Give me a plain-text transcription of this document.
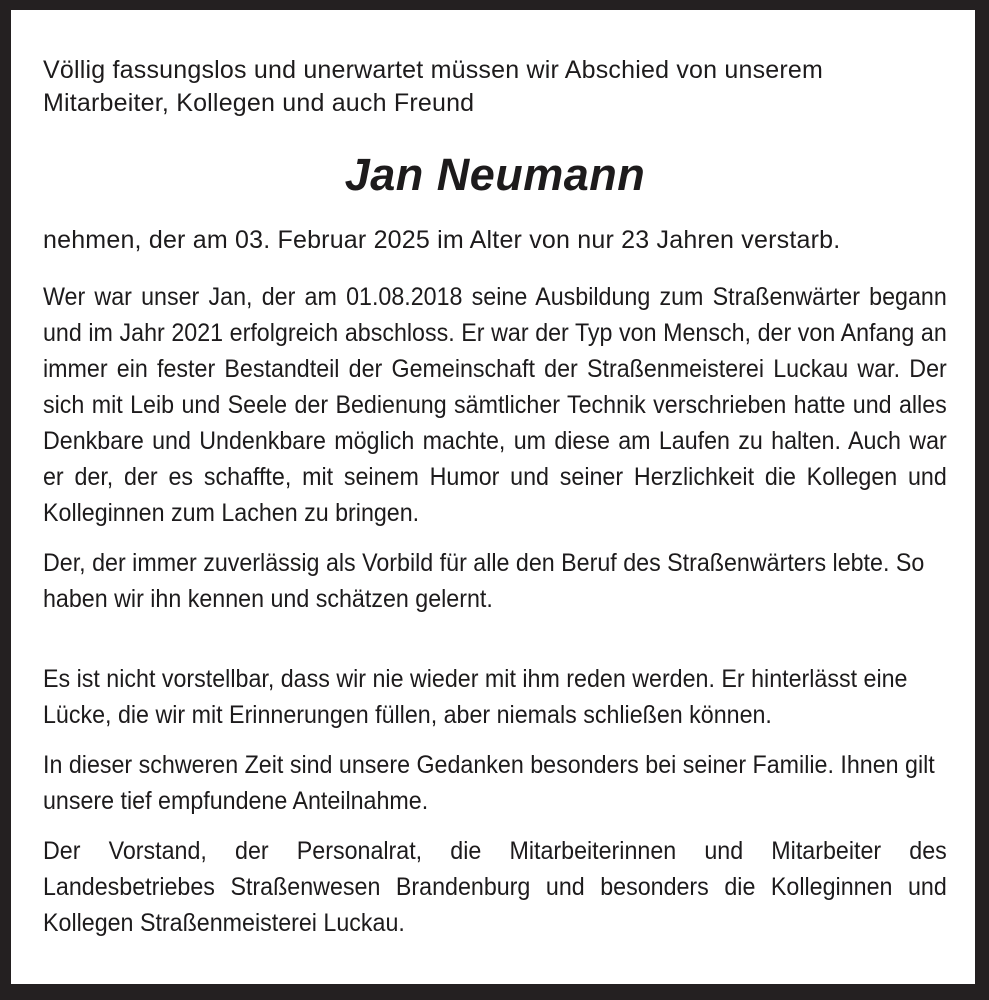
Völlig fassungslos und unerwartet müssen wir Abschied von unserem Mitarbeiter, Kollegen und auch Freund

Jan Neumann

nehmen, der am 03. Februar 2025 im Alter von nur 23 Jahren verstarb.

Wer war unser Jan, der am 01.08.2018 seine Ausbildung zum Straßenwärter begann und im Jahr 2021 erfolgreich abschloss. Er war der Typ von Mensch, der von Anfang an immer ein fester Bestandteil der Gemeinschaft der Straßenmeisterei Luckau war. Der sich mit Leib und Seele der Bedienung sämtlicher Technik verschrieben hatte und alles Denkbare und Undenkbare möglich machte, um diese am Laufen zu halten. Auch war er der, der es schaffte, mit seinem Humor und seiner Herzlichkeit die Kollegen und Kolleginnen zum Lachen zu bringen.

Der, der immer zuverlässig als Vorbild für alle den Beruf des Straßenwärters lebte. So haben wir ihn kennen und schätzen gelernt.

Es ist nicht vorstellbar, dass wir nie wieder mit ihm reden werden. Er hinterlässt eine Lücke, die wir mit Erinnerungen füllen, aber niemals schließen können.

In dieser schweren Zeit sind unsere Gedanken besonders bei seiner Familie. Ihnen gilt unsere tief empfundene Anteilnahme.

Der Vorstand, der Personalrat, die Mitarbeiterinnen und Mitarbeiter des Landesbetriebes Straßenwesen Brandenburg und besonders die Kolleginnen und Kollegen Straßenmeisterei Luckau.
